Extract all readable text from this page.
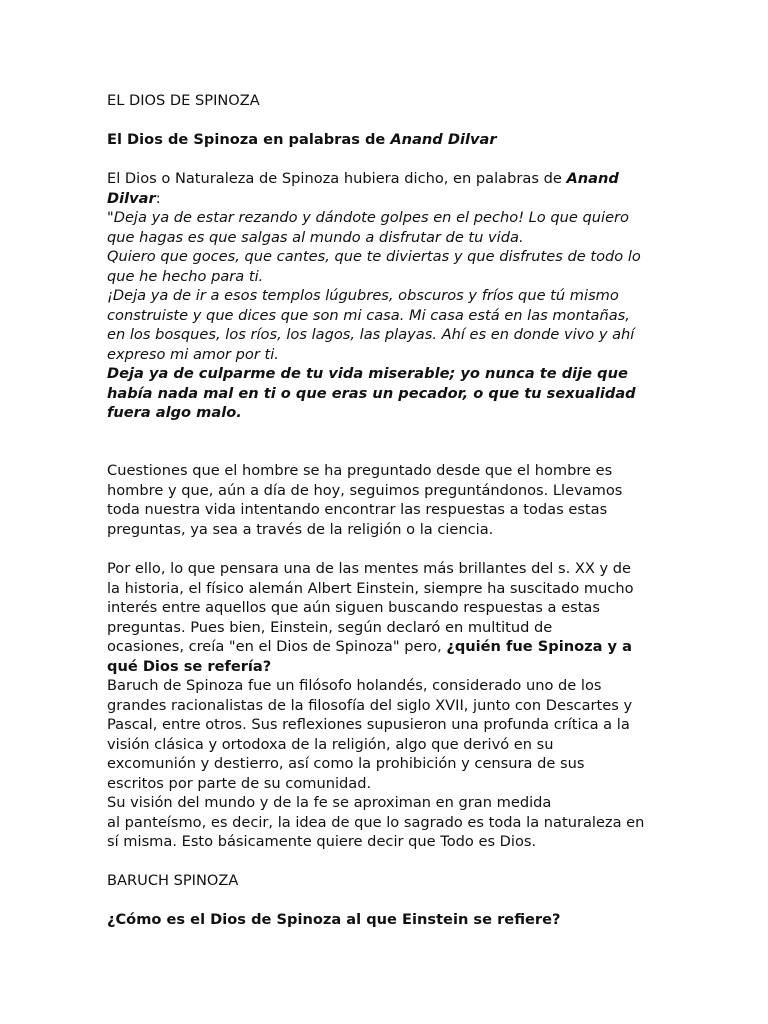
EL DIOS DE SPINOZA

El Dios de Spinoza en palabras de Anand Dilvar

El Dios o Naturaleza de Spinoza hubiera dicho, en palabras de Anand
Dilvar:
"Deja ya de estar rezando y dándote golpes en el pecho! Lo que quiero
que hagas es que salgas al mundo a disfrutar de tu vida.
Quiero que goces, que cantes, que te diviertas y que disfrutes de todo lo
que he hecho para ti.
¡Deja ya de ir a esos templos lúgubres, obscuros y fríos que tú mismo
construiste y que dices que son mi casa. Mi casa está en las montañas,
en los bosques, los ríos, los lagos, las playas. Ahí es en donde vivo y ahí
expreso mi amor por ti.
Deja ya de culparme de tu vida miserable; yo nunca te dije que
había nada mal en ti o que eras un pecador, o que tu sexualidad
fuera algo malo.
Cuestiones que el hombre se ha preguntado desde que el hombre es
hombre y que, aún a día de hoy, seguimos preguntándonos. Llevamos
toda nuestra vida intentando encontrar las respuestas a todas estas
preguntas, ya sea a través de la religión o la ciencia.
Por ello, lo que pensara una de las mentes más brillantes del s. XX y de
la historia, el físico alemán Albert Einstein, siempre ha suscitado mucho
interés entre aquellos que aún siguen buscando respuestas a estas
preguntas. Pues bien, Einstein, según declaró en multitud de
ocasiones, creía "en el Dios de Spinoza" pero, ¿quién fue Spinoza y a
qué Dios se refería?
Baruch de Spinoza fue un filósofo holandés, considerado uno de los
grandes racionalistas de la filosofía del siglo XVII, junto con Descartes y
Pascal, entre otros. Sus reflexiones supusieron una profunda crítica a la
visión clásica y ortodoxa de la religión, algo que derivó en su
excomunión y destierro, así como la prohibición y censura de sus
escritos por parte de su comunidad.
Su visión del mundo y de la fe se aproximan en gran medida
al panteísmo, es decir, la idea de que lo sagrado es toda la naturaleza en
sí misma. Esto básicamente quiere decir que Todo es Dios.

BARUCH SPINOZA

¿Cómo es el Dios de Spinoza al que Einstein se refiere?
